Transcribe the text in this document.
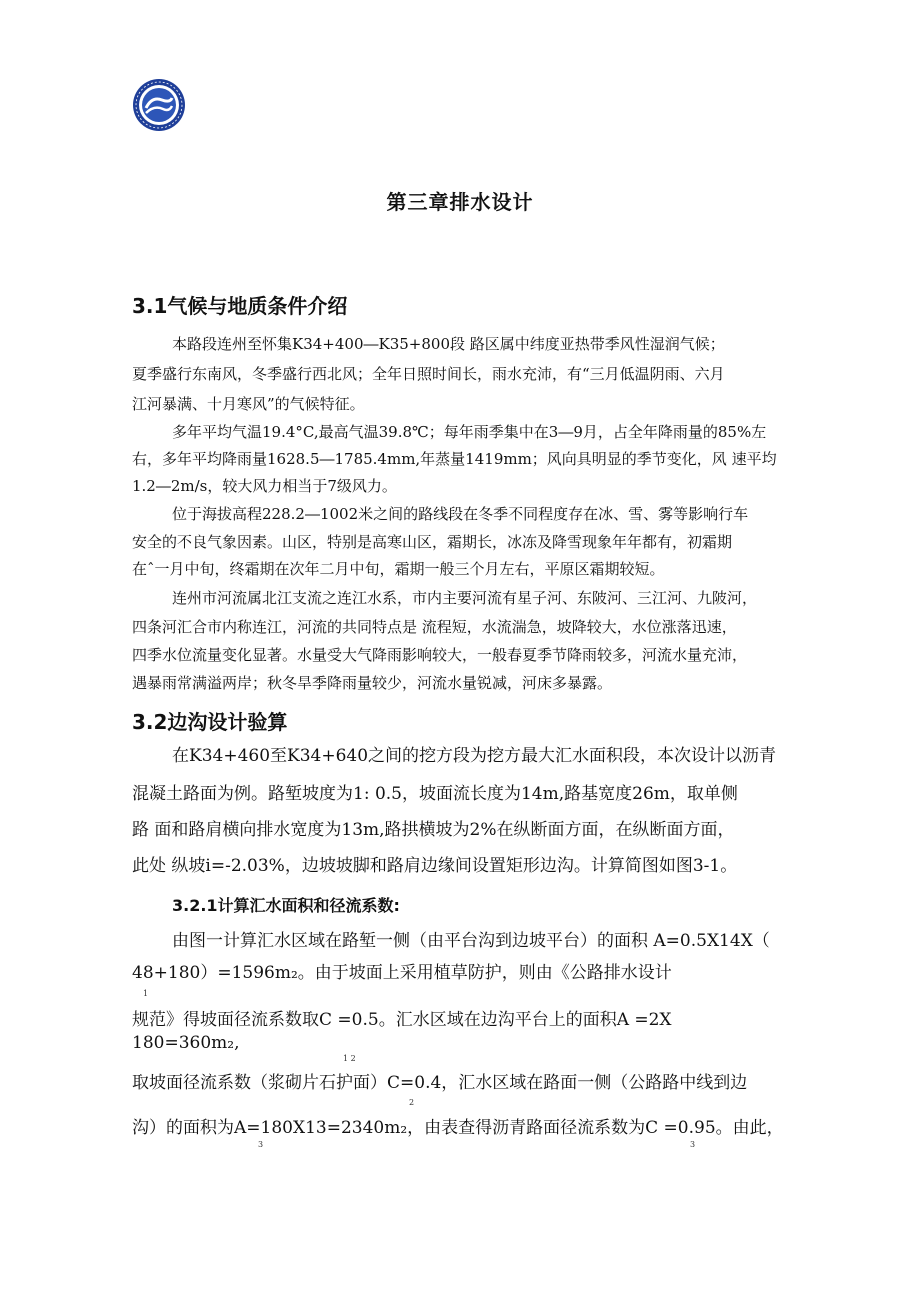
第三章排水设计
3.1气候与地质条件介绍
本路段连州至怀集K34+400―K35+800段 路区属中纬度亚热带季风性湿润气候；
夏季盛行东南风，冬季盛行西北风；全年日照时间长，雨水充沛，有“三月低温阴雨、六月
江河暴满、十月寒风”的气候特征。
多年平均气温19.4°C,最高气温39.8℃；每年雨季集中在3―9月，占全年降雨量的85%左
右，多年平均降雨量1628.5―1785.4mm,年蒸量1419mm；风向具明显的季节变化，风 速平均
1.2―2m/s，较大风力相当于7级风力。
位于海拔高程228.2―1002米之间的路线段在冬季不同程度存在冰、雪、雾等影响行车
安全的不良气象因素。山区，特别是高寒山区，霜期长，冰冻及降雪现象年年都有，初霜期
在ˆ一月中旬，终霜期在次年二月中旬，霜期一般三个月左右，平原区霜期较短。
连州市河流属北江支流之连江水系，市内主要河流有星子河、东陂河、三江河、九陂河，
四条河汇合市内称连江，河流的共同特点是 流程短，水流湍急，坡降较大，水位涨落迅速，
四季水位流量变化显著。水量受大气降雨影响较大，一般春夏季节降雨较多，河流水量充沛，
遇暴雨常满溢两岸；秋冬旱季降雨量较少，河流水量锐减，河床多暴露。
3.2边沟设计验算
在K34+460至K34+640之间的挖方段为挖方最大汇水面积段，本次设计以沥青
混凝土路面为例。路堑坡度为1: 0.5，坡面流长度为14m,路基宽度26m，取单侧
路 面和路肩横向排水宽度为13m,路拱横坡为2%在纵断面方面，在纵断面方面，
此处 纵坡i=-2.03%，边坡坡脚和路肩边缘间设置矩形边沟。计算简图如图3-1。
3.2.1计算汇水面积和径流系数:
由图一计算汇水区域在路堑一侧（由平台沟到边坡平台）的面积 A=0.5X14X（
48+180）=1596m₂。由于坡面上采用植草防护，则由《公路排水设计
1
规范》得坡面径流系数取C =0.5。汇水区域在边沟平台上的面积A =2X
180=360m₂,
1 2
取坡面径流系数（浆砌片石护面）C=0.4，汇水区域在路面一侧（公路路中线到边
2
沟）的面积为A=180X13=2340m₂，由表查得沥青路面径流系数为C =0.95。由此，
3	3
